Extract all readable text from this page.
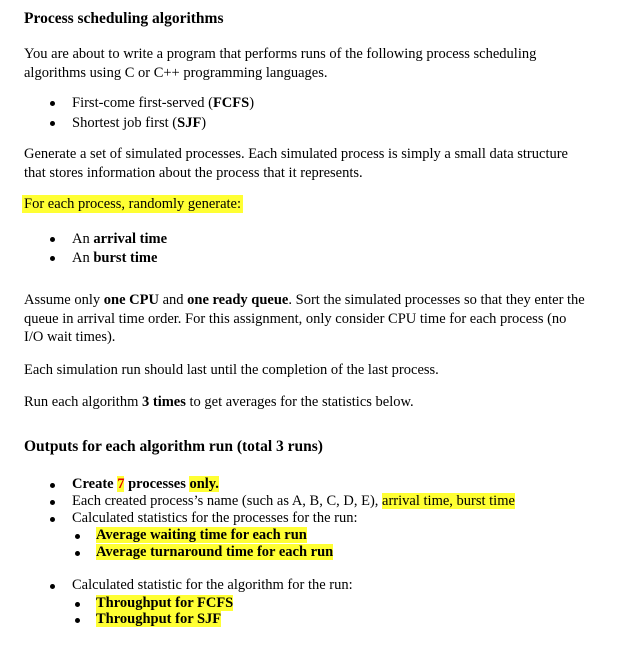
Process scheduling algorithms
You are about to write a program that performs runs of the following process scheduling
algorithms using C or C++ programming languages.
First-come first-served (FCFS)
Shortest job first (SJF)
Generate a set of simulated processes. Each simulated process is simply a small data structure
that stores information about the process that it represents.
For each process, randomly generate:
An arrival time
An burst time
Assume only one CPU and one ready queue. Sort the simulated processes so that they enter the
queue in arrival time order. For this assignment, only consider CPU time for each process (no
I/O wait times).
Each simulation run should last until the completion of the last process.
Run each algorithm 3 times to get averages for the statistics below.
Outputs for each algorithm run (total 3 runs)
Create 7 processes only.
Each created process’s name (such as A, B, C, D, E), arrival time, burst time
Calculated statistics for the processes for the run:
Average waiting time for each run
Average turnaround time for each run
Calculated statistic for the algorithm for the run:
Throughput for FCFS
Throughput for SJF
